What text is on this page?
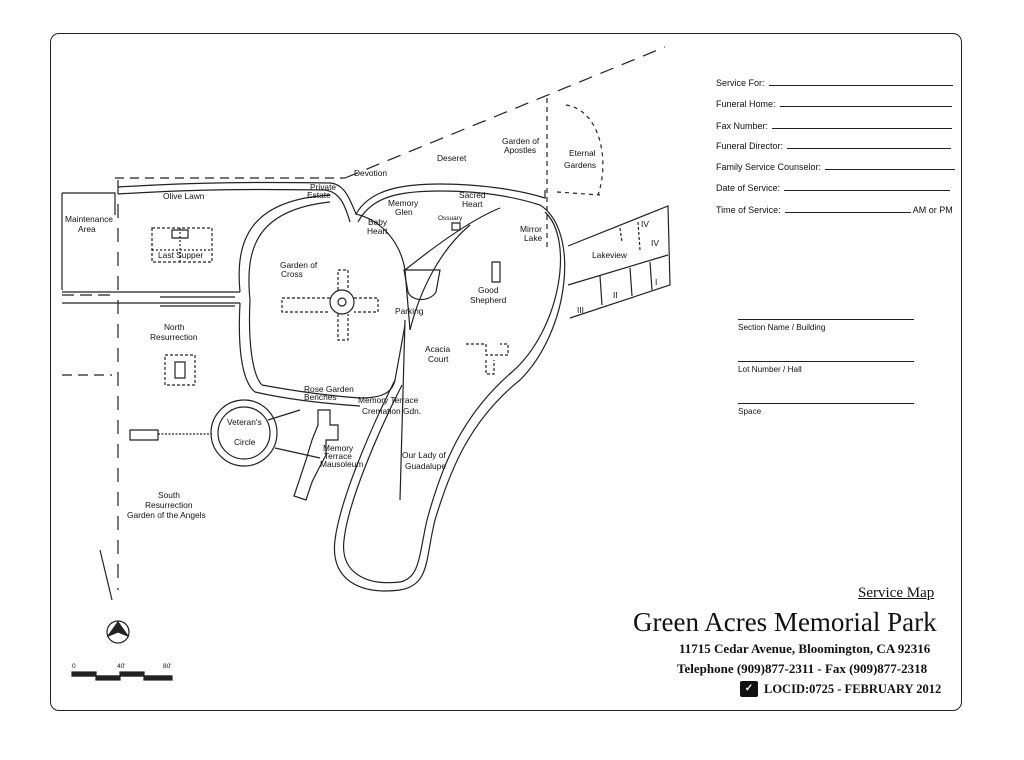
Maintenance Area
Olive Lawn
Last Supper
North Resurrection
South Resurrection Garden of the Angels
Private Estate
Devotion
Deseret
Garden of Apostles	Eternal Gardens
Memory Glen
Baby Heart
Sacred Heart
Ossuary
Mirror Lake
Lakeview
Garden of Cross
Parking
Good Shepherd
Acacia Court
Rose Garden Benches	Memory Terrace Cremation Gdn.
Veteran's Circle
Memory Terrace Mausoleum
Our Lady of Guadalupe
IV
IV
I
II
III
0	40'	80'
Service For:
Funeral Home:
Fax Number:
Funeral Director:
Family Service Counselor:
Date of Service:
Time of Service:	AM or PM
Section Name / Building
Lot Number / Hall
Space
Service Map
Green Acres Memorial Park
11715 Cedar Avenue, Bloomington, CA 92316
Telephone (909)877-2311 - Fax (909)877-2318
✓ LOCID:0725 - FEBRUARY 2012
